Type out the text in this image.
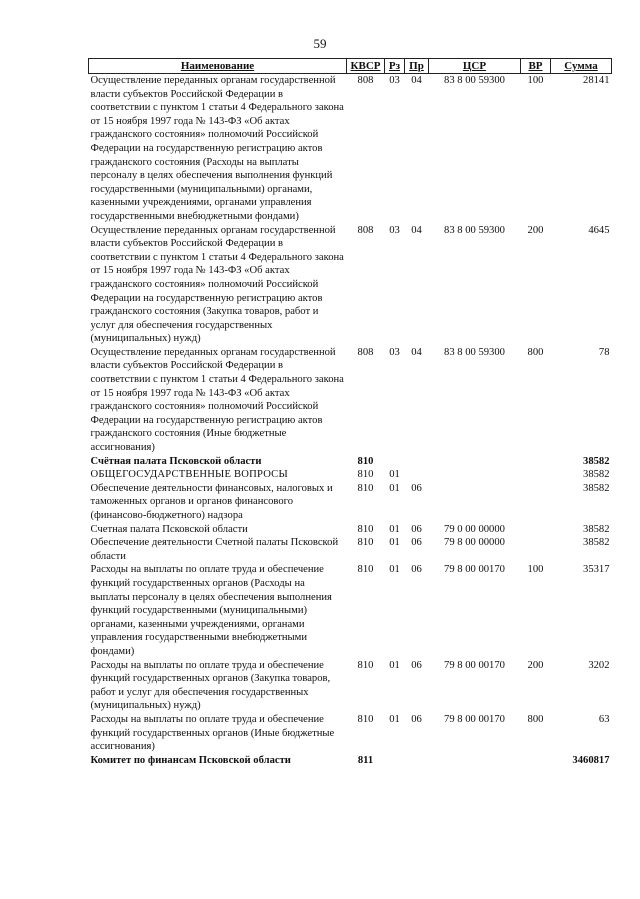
59
Наименование	КВСР	Рз	Пр	ЦСР	ВР	Сумма
Осуществление переданных органам государственной власти субъектов Российской Федерации в соответствии с пунктом 1 статьи 4 Федерального закона от 15 ноября 1997 года № 143-ФЗ «Об актах гражданского состояния» полномочий Российской Федерации на государственную регистрацию актов гражданского состояния (Расходы на выплаты персоналу в целях обеспечения выполнения функций государственными (муниципальными) органами, казенными учреждениями, органами управления государственными внебюджетными фондами)	808	03	04	83 8 00 59300	100	28141
Осуществление переданных органам государственной власти субъектов Российской Федерации в соответствии с пунктом 1 статьи 4 Федерального закона от 15 ноября 1997 года № 143-ФЗ «Об актах гражданского состояния» полномочий Российской Федерации на государственную регистрацию актов гражданского состояния (Закупка товаров, работ и услуг для обеспечения государственных (муниципальных) нужд)	808	03	04	83 8 00 59300	200	4645
Осуществление переданных органам государственной власти субъектов Российской Федерации в соответствии с пунктом 1 статьи 4 Федерального закона от 15 ноября 1997 года № 143-ФЗ «Об актах гражданского состояния» полномочий Российской Федерации на государственную регистрацию актов гражданского состояния (Иные бюджетные ассигнования)	808	03	04	83 8 00 59300	800	78
Счётная палата Псковской области	810					38582
ОБЩЕГОСУДАРСТВЕННЫЕ ВОПРОСЫ	810	01				38582
Обеспечение деятельности финансовых, налоговых и таможенных органов и органов финансового (финансово-бюджетного) надзора	810	01	06			38582
Счетная палата Псковской области	810	01	06	79 0 00 00000		38582
Обеспечение деятельности Счетной палаты Псковской области	810	01	06	79 8 00 00000		38582
Расходы на выплаты по оплате труда и обеспечение функций государственных органов (Расходы на выплаты персоналу в целях обеспечения выполнения функций государственными (муниципальными) органами, казенными учреждениями, органами управления государственными внебюджетными фондами)	810	01	06	79 8 00 00170	100	35317
Расходы на выплаты по оплате труда и обеспечение функций государственных органов (Закупка товаров, работ и услуг для обеспечения государственных (муниципальных) нужд)	810	01	06	79 8 00 00170	200	3202
Расходы на выплаты по оплате труда и обеспечение функций государственных органов (Иные бюджетные ассигнования)	810	01	06	79 8 00 00170	800	63
Комитет по финансам Псковской области	811					3460817
